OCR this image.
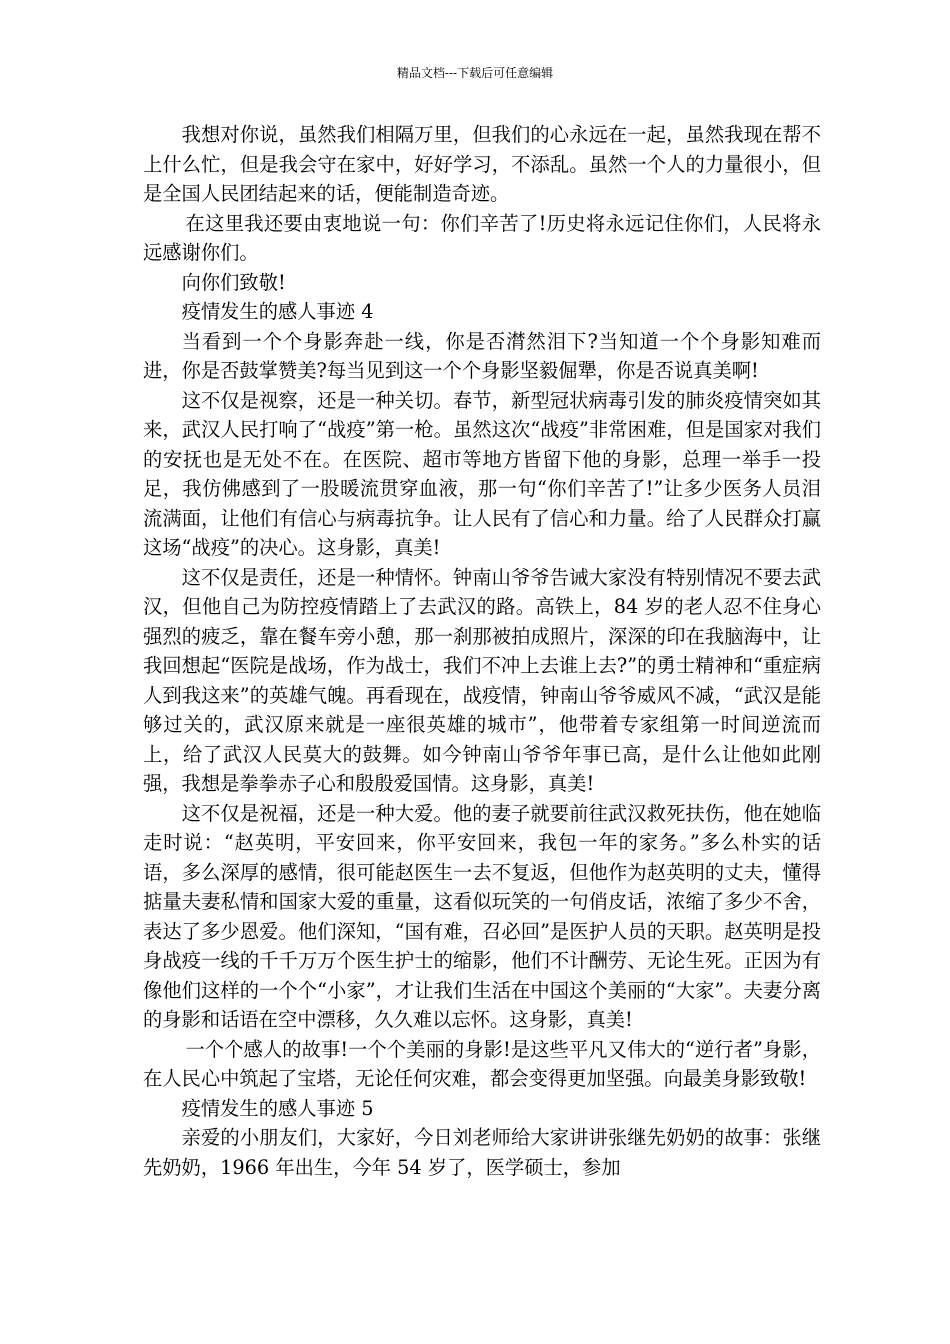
精品文档---下载后可任意编辑

我想对你说，虽然我们相隔万里，但我们的心永远在一起，虽然我现在帮不上什么忙，但是我会守在家中，好好学习，不添乱。虽然一个人的力量很小，但是全国人民团结起来的话，便能制造奇迹。

在这里我还要由衷地说一句：你们辛苦了!历史将永远记住你们，人民将永远感谢你们。

向你们致敬!

疫情发生的感人事迹 4

当看到一个个身影奔赴一线，你是否潸然泪下?当知道一个个身影知难而进，你是否鼓掌赞美?每当见到这一个个身影坚毅倔犟，你是否说真美啊!

这不仅是视察，还是一种关切。春节，新型冠状病毒引发的肺炎疫情突如其来，武汉人民打响了“战疫”第一枪。虽然这次“战疫”非常困难，但是国家对我们的安抚也是无处不在。在医院、超市等地方皆留下他的身影，总理一举手一投足，我仿佛感到了一股暖流贯穿血液，那一句“你们辛苦了!”让多少医务人员泪流满面，让他们有信心与病毒抗争。让人民有了信心和力量。给了人民群众打赢这场“战疫”的决心。这身影，真美!

这不仅是责任，还是一种情怀。钟南山爷爷告诫大家没有特别情况不要去武汉，但他自己为防控疫情踏上了去武汉的路。高铁上，84 岁的老人忍不住身心强烈的疲乏，靠在餐车旁小憩，那一刹那被拍成照片，深深的印在我脑海中，让我回想起“医院是战场，作为战士，我们不冲上去谁上去?”的勇士精神和“重症病人到我这来”的英雄气魄。再看现在，战疫情，钟南山爷爷威风不减，“武汉是能够过关的，武汉原来就是一座很英雄的城市”，他带着专家组第一时间逆流而上，给了武汉人民莫大的鼓舞。如今钟南山爷爷年事已高，是什么让他如此刚强，我想是拳拳赤子心和殷殷爱国情。这身影，真美!

这不仅是祝福，还是一种大爱。他的妻子就要前往武汉救死扶伤，他在她临走时说：“赵英明，平安回来，你平安回来，我包一年的家务。”多么朴实的话语，多么深厚的感情，很可能赵医生一去不复返，但他作为赵英明的丈夫，懂得掂量夫妻私情和国家大爱的重量，这看似玩笑的一句俏皮话，浓缩了多少不舍，表达了多少恩爱。他们深知，“国有难，召必回”是医护人员的天职。赵英明是投身战疫一线的千千万万个医生护士的缩影，他们不计酬劳、无论生死。正因为有像他们这样的一个个“小家”，才让我们生活在中国这个美丽的“大家”。夫妻分离的身影和话语在空中漂移，久久难以忘怀。这身影，真美!

一个个感人的故事!一个个美丽的身影!是这些平凡又伟大的“逆行者”身影，在人民心中筑起了宝塔，无论任何灾难，都会变得更加坚强。向最美身影致敬!

疫情发生的感人事迹 5

亲爱的小朋友们，大家好，今日刘老师给大家讲讲张继先奶奶的故事：张继先奶奶，1966 年出生，今年 54 岁了，医学硕士，参加
